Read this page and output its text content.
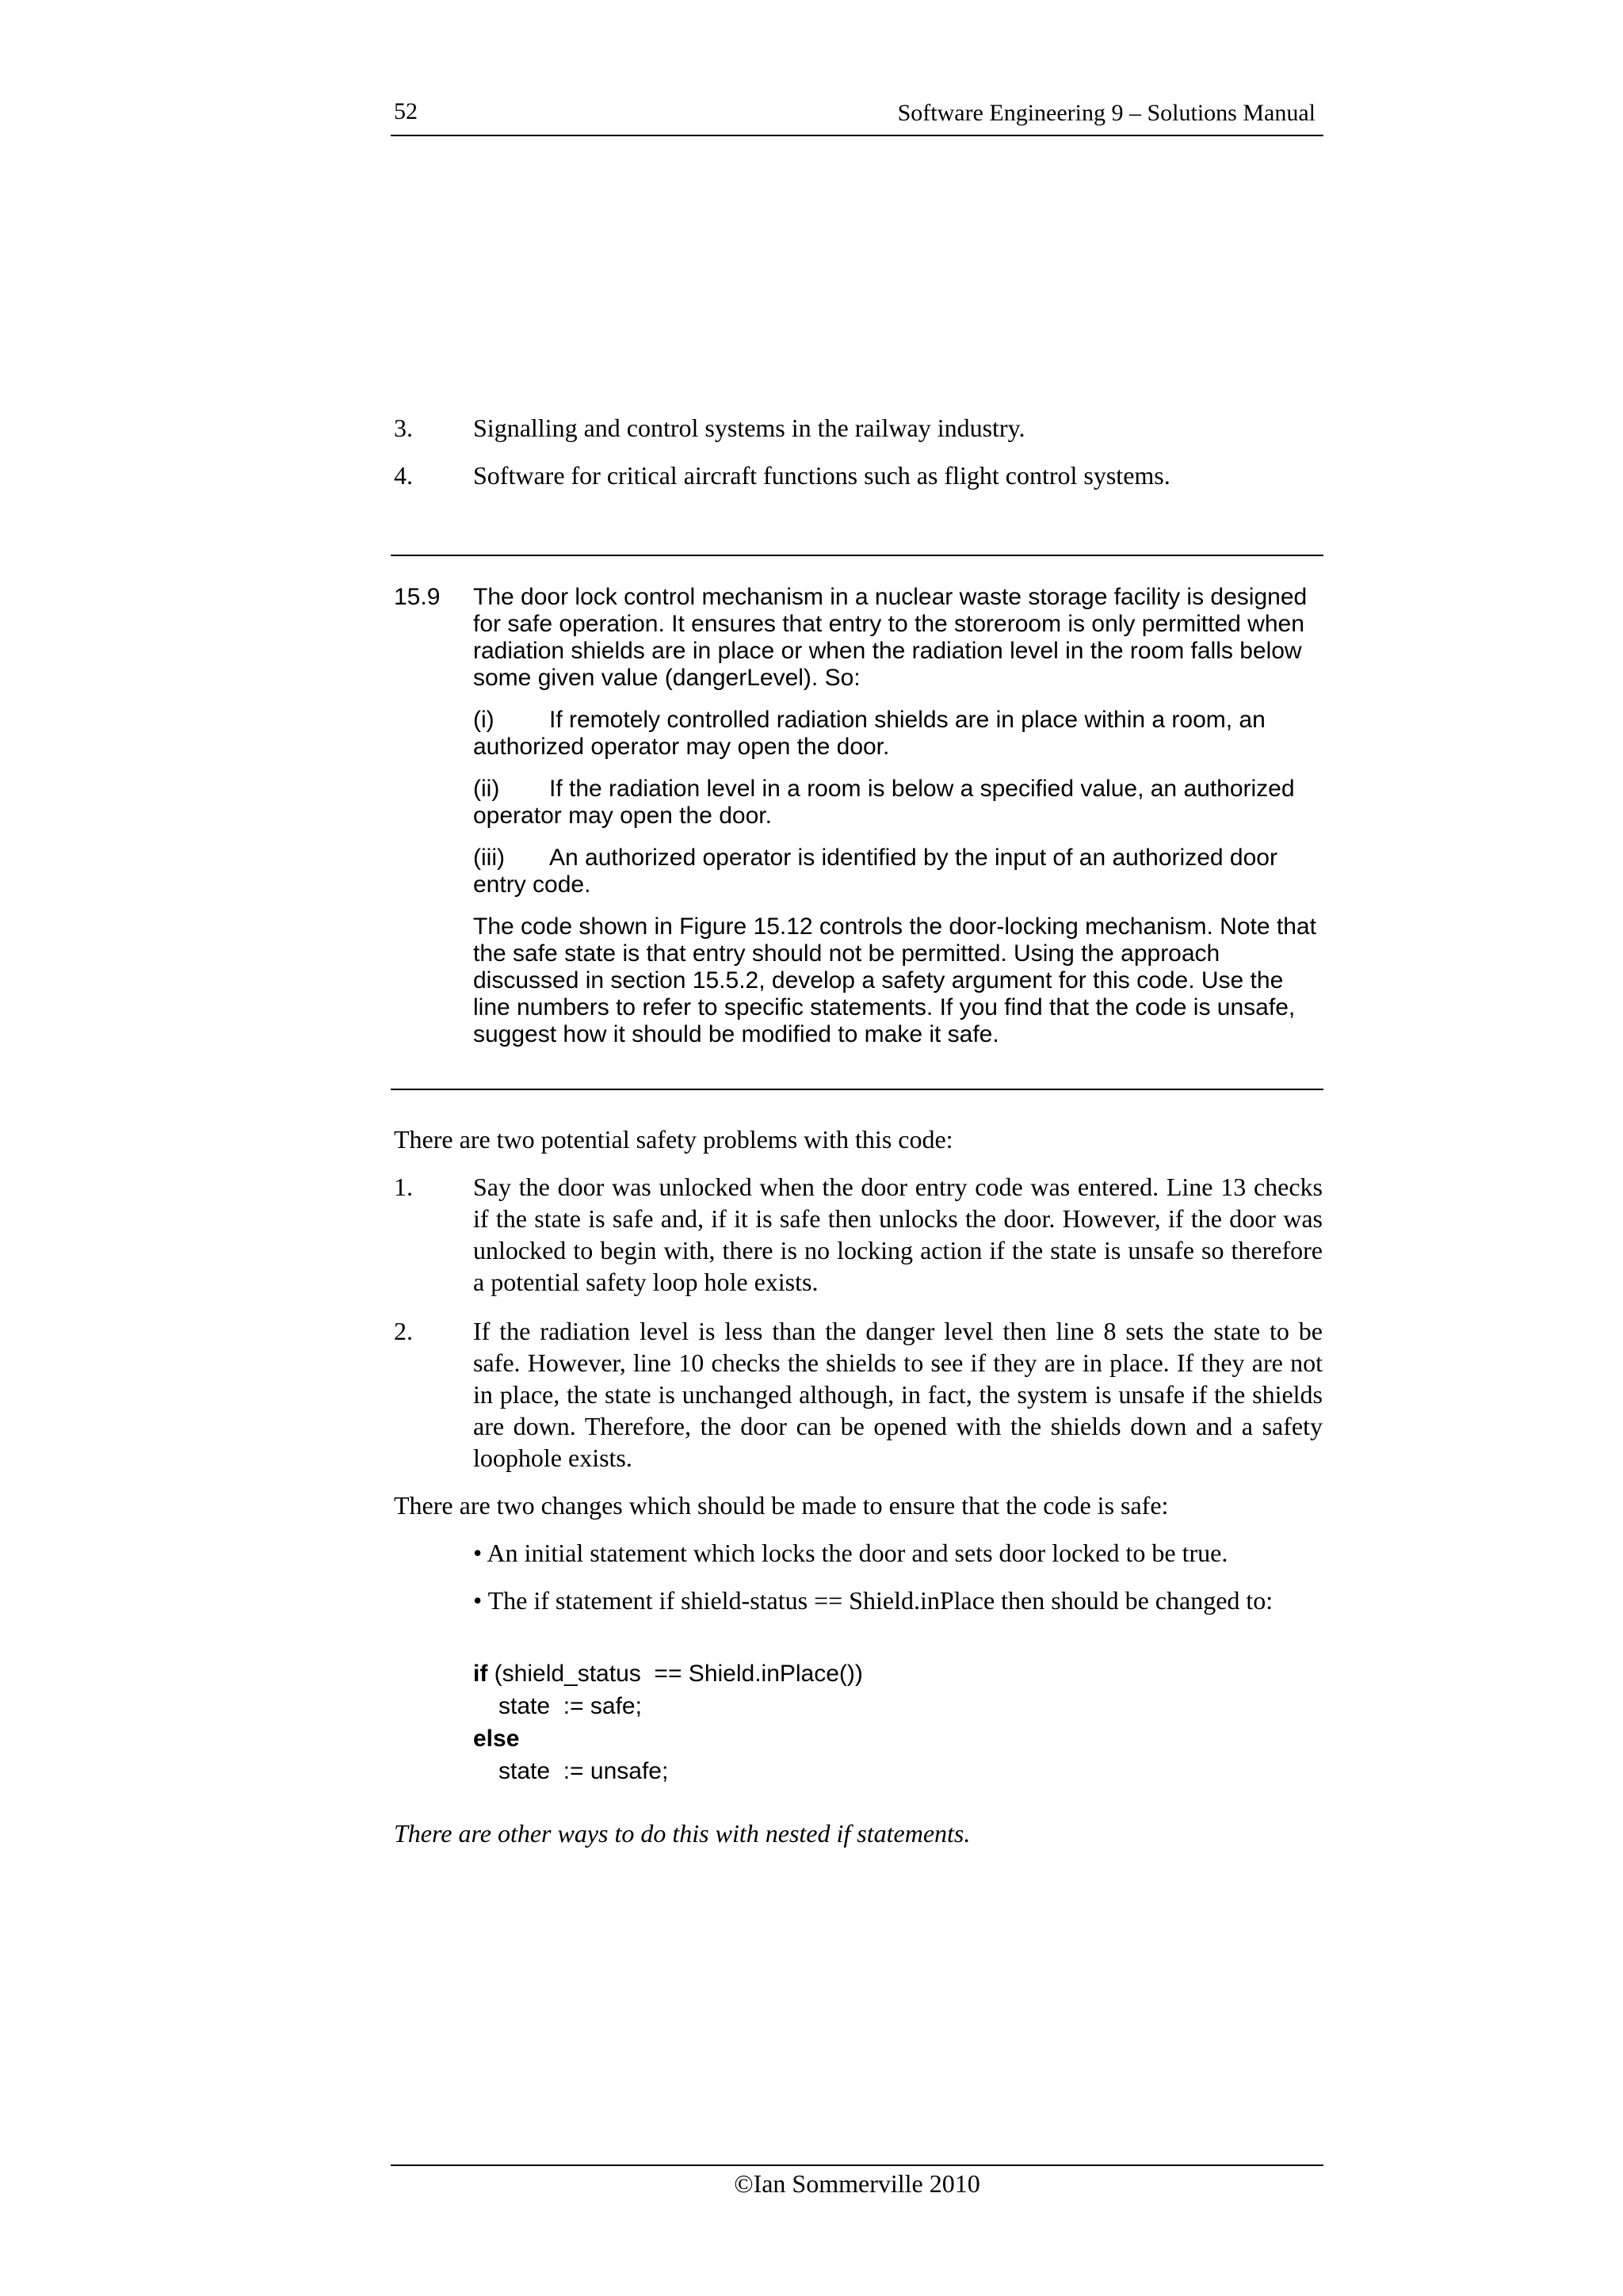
52	Software Engineering 9 – Solutions Manual
3. Signalling and control systems in the railway industry.
4. Software for critical aircraft functions such as flight control systems.
15.9 The door lock control mechanism in a nuclear waste storage facility is designed for safe operation. It ensures that entry to the storeroom is only permitted when radiation shields are in place or when the radiation level in the room falls below some given value (dangerLevel). So:

(i) If remotely controlled radiation shields are in place within a room, an authorized operator may open the door.

(ii) If the radiation level in a room is below a specified value, an authorized operator may open the door.

(iii) An authorized operator is identified by the input of an authorized door entry code.

The code shown in Figure 15.12 controls the door-locking mechanism. Note that the safe state is that entry should not be permitted. Using the approach discussed in section 15.5.2, develop a safety argument for this code. Use the line numbers to refer to specific statements. If you find that the code is unsafe, suggest how it should be modified to make it safe.

There are two potential safety problems with this code:
1. Say the door was unlocked when the door entry code was entered. Line 13 checks if the state is safe and, if it is safe then unlocks the door. However, if the door was unlocked to begin with, there is no locking action if the state is unsafe so therefore a potential safety loop hole exists.
2. If the radiation level is less than the danger level then line 8 sets the state to be safe. However, line 10 checks the shields to see if they are in place. If they are not in place, the state is unchanged although, in fact, the system is unsafe if the shields are down. Therefore, the door can be opened with the shields down and a safety loophole exists.
There are two changes which should be made to ensure that the code is safe:
• An initial statement which locks the door and sets door locked to be true.
• The if statement if shield-status == Shield.inPlace then should be changed to:
if (shield_status  == Shield.inPlace())
state  := safe;
else
state  := unsafe;
There are other ways to do this with nested if statements.
©Ian Sommerville 2010
